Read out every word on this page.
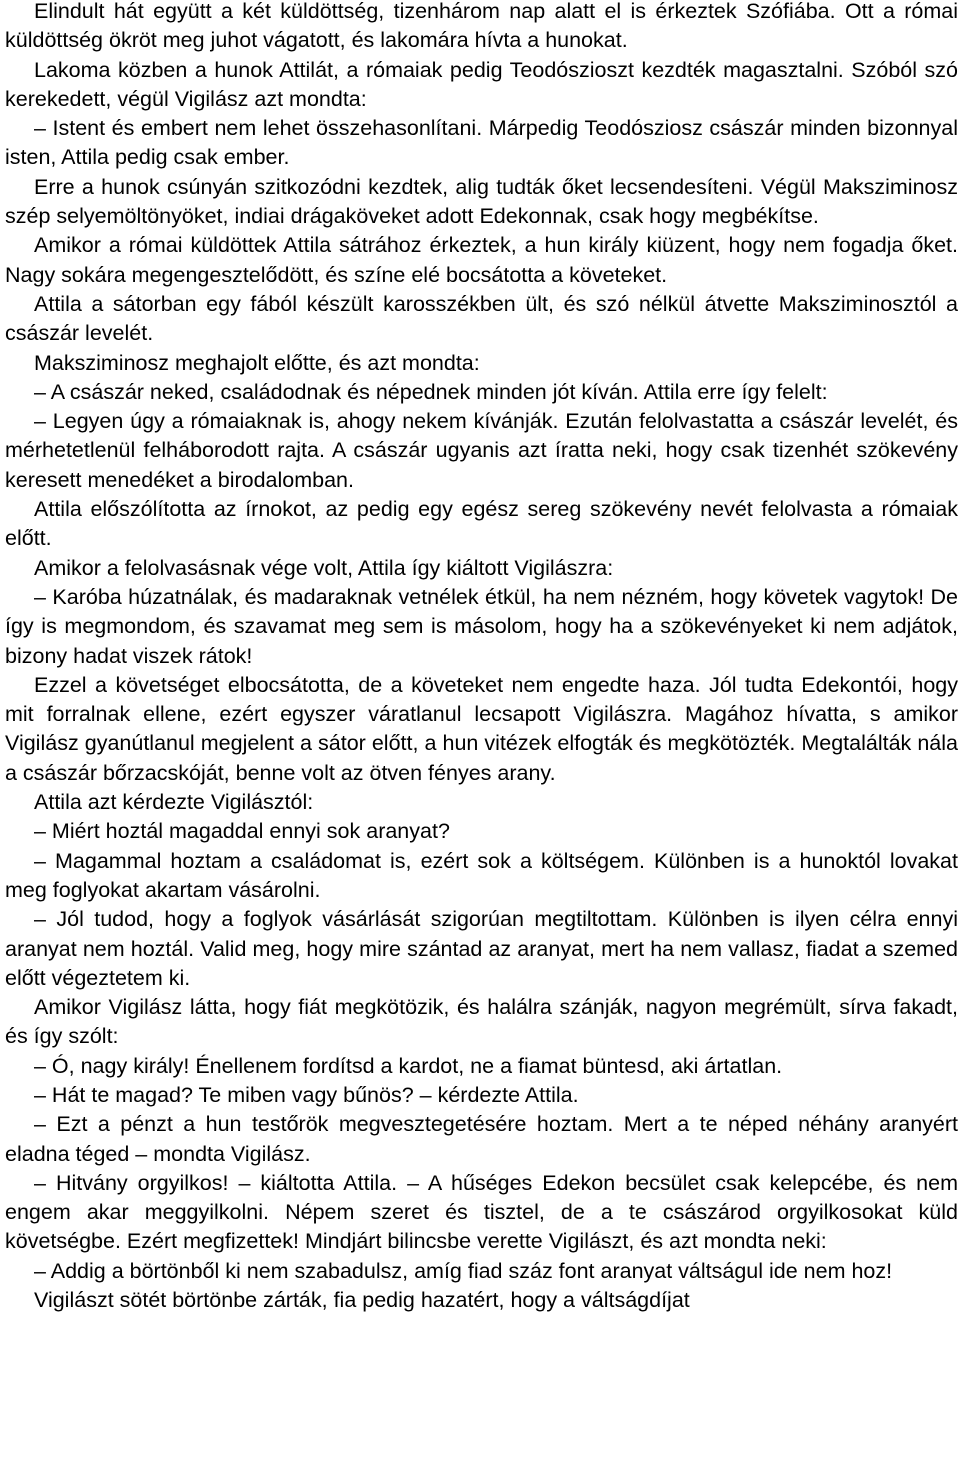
Elindult hát együtt a két küldöttség, tizenhárom nap alatt el is érkeztek Szófiába. Ott a római küldöttség ökröt meg juhot vágatott, és lakomára hívta a hunokat.

Lakoma közben a hunok Attilát, a rómaiak pedig Teodószioszt kezdték magasztalni. Szóból szó kerekedett, végül Vigilász azt mondta:

– Istent és embert nem lehet összehasonlítani. Márpedig Teodósziosz császár minden bizonnyal isten, Attila pedig csak ember.

Erre a hunok csúnyán szitkozódni kezdtek, alig tudták őket lecsendesíteni. Végül Maksziminosz szép selyemöltönyöket, indiai drágaköveket adott Edekonnak, csak hogy megbékítse.

Amikor a római küldöttek Attila sátrához érkeztek, a hun király kiüzent, hogy nem fogadja őket. Nagy sokára megengesztelődött, és színe elé bocsátotta a követeket.

Attila a sátorban egy fából készült karosszékben ült, és szó nélkül átvette Maksziminosztól a császár levelét.

Maksziminosz meghajolt előtte, és azt mondta:

– A császár neked, családodnak és népednek minden jót kíván. Attila erre így felelt:

– Legyen úgy a rómaiaknak is, ahogy nekem kívánják. Ezután felolvastatta a császár levelét, és mérhetetlenül felháborodott rajta. A császár ugyanis azt íratta neki, hogy csak tizenhét szökevény keresett menedéket a birodalomban.

Attila előszólította az írnokot, az pedig egy egész sereg szökevény nevét felolvasta a rómaiak előtt.

Amikor a felolvasásnak vége volt, Attila így kiáltott Vigilászra:

– Karóba húzatnálak, és madaraknak vetnélek étkül, ha nem nézném, hogy követek vagytok! De így is megmondom, és szavamat meg sem is másolom, hogy ha a szökevényeket ki nem adjátok, bizony hadat viszek rátok!

Ezzel a követséget elbocsátotta, de a követeket nem engedte haza. Jól tudta Edekontói, hogy mit forralnak ellene, ezért egyszer váratlanul lecsapott Vigilászra. Magához hívatta, s amikor Vigilász gyanútlanul megjelent a sátor előtt, a hun vitézek elfogták és megkötözték. Megtalálták nála a császár bőrzacskóját, benne volt az ötven fényes arany.

Attila azt kérdezte Vigilásztól:

– Miért hoztál magaddal ennyi sok aranyat?

– Magammal hoztam a családomat is, ezért sok a költségem. Különben is a hunoktól lovakat meg foglyokat akartam vásárolni.

– Jól tudod, hogy a foglyok vásárlását szigorúan megtiltottam. Különben is ilyen célra ennyi aranyat nem hoztál. Valid meg, hogy mire szántad az aranyat, mert ha nem vallasz, fiadat a szemed előtt végeztetem ki.

Amikor Vigilász látta, hogy fiát megkötözik, és halálra szánják, nagyon megrémült, sírva fakadt, és így szólt:

– Ó, nagy király! Énellenem fordítsd a kardot, ne a fiamat büntesd, aki ártatlan.

– Hát te magad? Te miben vagy bűnös? – kérdezte Attila.

– Ezt a pénzt a hun testőrök megvesztegetésére hoztam. Mert a te néped néhány aranyért eladna téged – mondta Vigilász.

– Hitvány orgyilkos! – kiáltotta Attila. – A hűséges Edekon becsület csak kelepcébe, és nem engem akar meggyilkolni. Népem szeret és tisztel, de a te császárod orgyilkosokat küld követségbe. Ezért megfizettek! Mindjárt bilincsbe verette Vigilászt, és azt mondta neki:

– Addig a börtönből ki nem szabadulsz, amíg fiad száz font aranyat váltságul ide nem hoz!

Vigilászt sötét börtönbe zárták, fia pedig hazatért, hogy a váltságdíjat
